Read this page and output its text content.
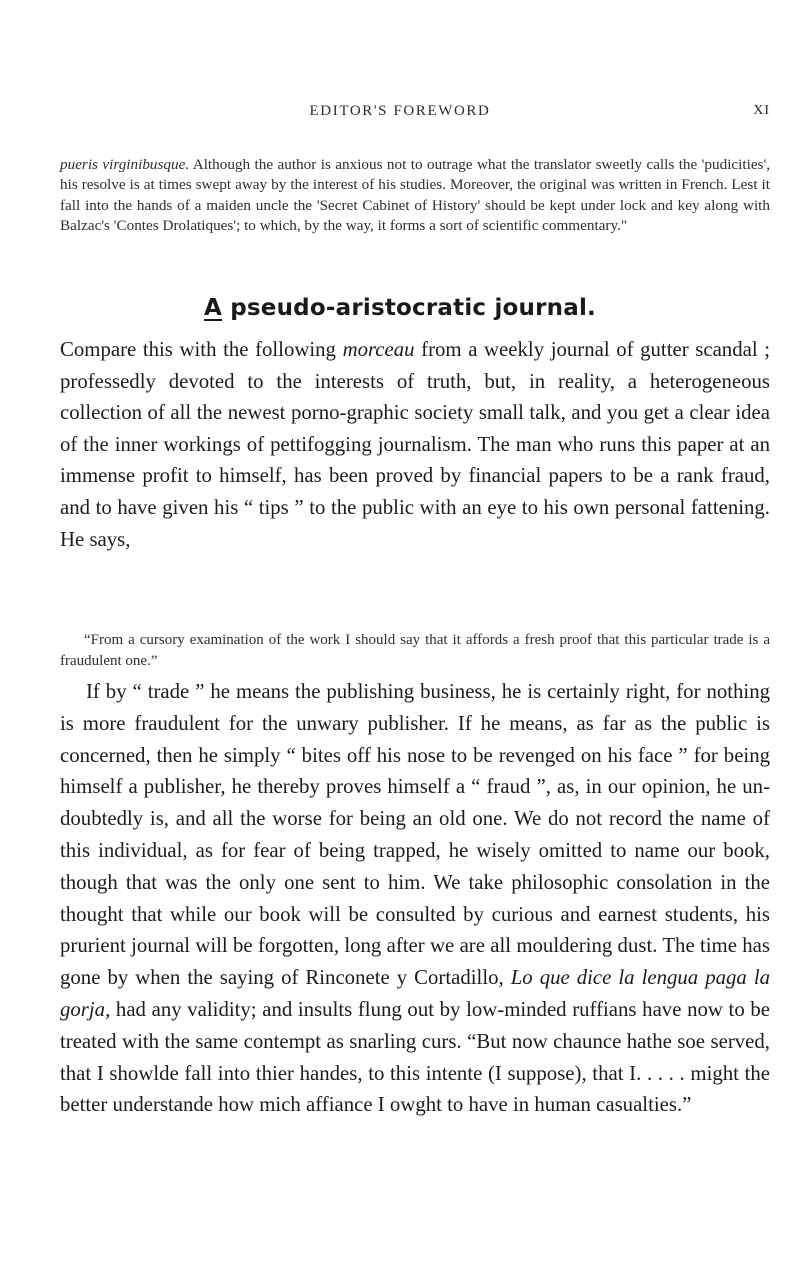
EDITOR'S FOREWORD	XI

pueris virginibusque. Although the author is anxious not to outrage what the translator sweetly calls the 'pudicities', his resolve is at times swept away by the interest of his studies. Moreover, the original was written in French. Lest it fall into the hands of a maiden uncle the 'Secret Cabinet of History' should be kept under lock and key along with Balzac's 'Contes Drolatiques'; to which, by the way, it forms a sort of scientific commentary."

A pseudo-aristocratic journal.

Compare this with the following morceau from a weekly journal of gutter scandal ; professedly devoted to the interests of truth, but, in reality, a heterogeneous collection of all the newest porno-graphic society small talk, and you get a clear idea of the inner workings of pettifogging journalism. The man who runs this paper at an immense profit to himself, has been proved by financial papers to be a rank fraud, and to have given his “ tips ” to the public with an eye to his own personal fattening. He says,

“From a cursory examination of the work I should say that it affords a fresh proof that this particular trade is a fraudulent one.”

If by “ trade ” he means the publishing business, he is certainly right, for nothing is more fraudulent for the unwary publisher. If he means, as far as the public is concerned, then he simply “ bites off his nose to be revenged on his face ” for being himself a publisher, he thereby proves himself a “ fraud ”, as, in our opinion, he un-doubtedly is, and all the worse for being an old one. We do not record the name of this individual, as for fear of being trapped, he wisely omitted to name our book, though that was the only one sent to him. We take philosophic consolation in the thought that while our book will be consulted by curious and earnest students, his prurient journal will be forgotten, long after we are all mouldering dust. The time has gone by when the saying of Rinconete y Cortadillo, Lo que dice la lengua paga la gorja, had any validity; and insults flung out by low-minded ruffians have now to be treated with the same contempt as snarling curs. “But now chaunce hathe soe served, that I showlde fall into thier handes, to this intente (I suppose), that I. . . . . might the better understande how mich affiance I owght to have in human casualties.”
